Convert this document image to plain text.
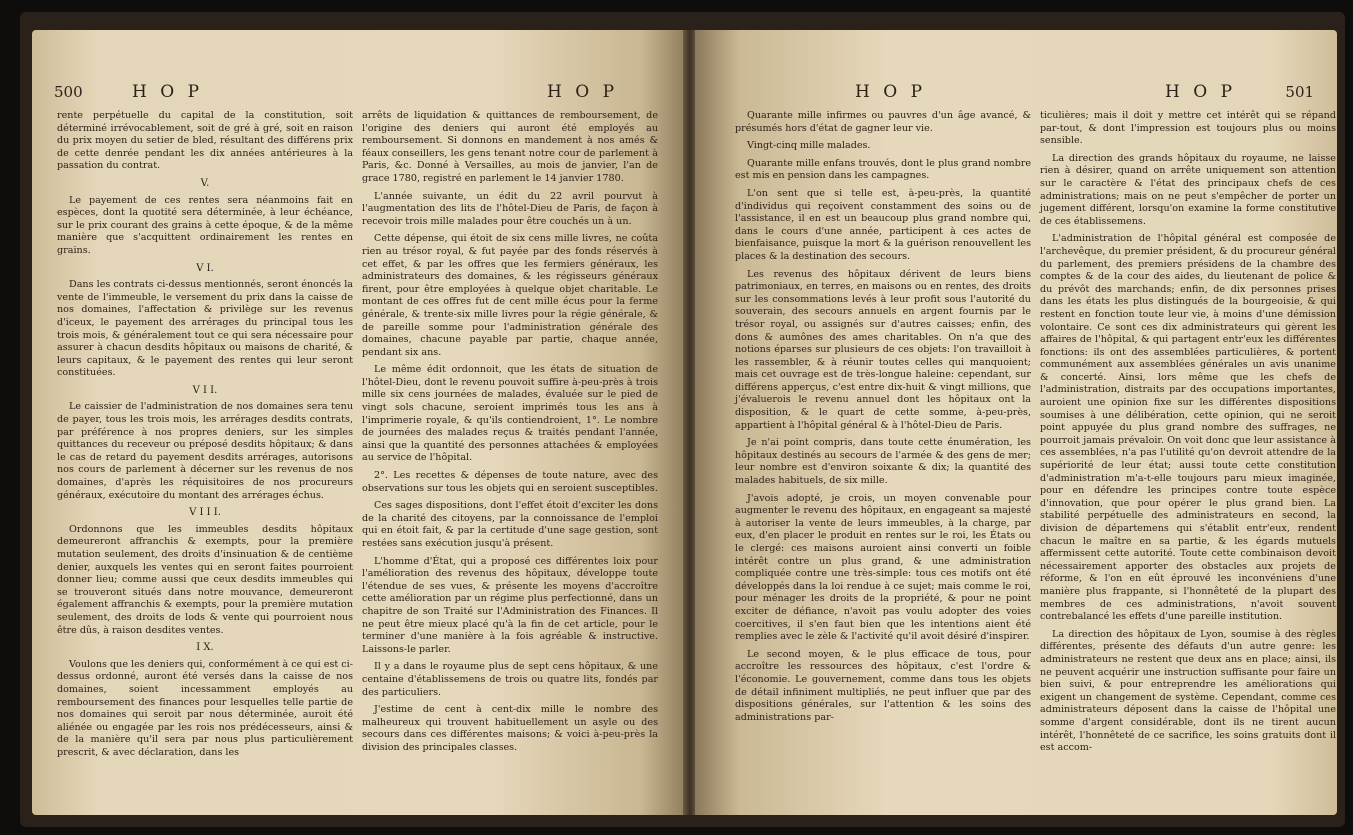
500	H O P	H O P

rente perpétuelle du capital de la constitution, soit déterminé irrévocablement, soit de gré à gré, soit en raison du prix moyen du setier de bled, résultant des différens prix de cette denrée pendant les dix années antérieures à la passation du contrat.

V.

Le payement de ces rentes sera néanmoins fait en espèces, dont la quotité sera déterminée, à leur échéance, sur le prix courant des grains à cette époque, & de la même manière que s'acquittent ordinairement les rentes en grains.

V I.

Dans les contrats ci-dessus mentionnés, seront énoncés la vente de l'immeuble, le versement du prix dans la caisse de nos domaines, l'affectation & privilège sur les revenus d'iceux, le payement des arrérages du principal tous les trois mois, & généralement tout ce qui sera nécessaire pour assurer à chacun desdits hôpitaux ou maisons de charité, & leurs capitaux, & le payement des rentes qui leur seront constituées.

V I I.

Le caissier de l'administration de nos domaines sera tenu de payer, tous les trois mois, les arrérages desdits contrats, par préférence à nos propres deniers, sur les simples quittances du receveur ou préposé desdits hôpitaux; & dans le cas de retard du payement desdits arrérages, autorisons nos cours de parlement à décerner sur les revenus de nos domaines, d'après les réquisitoires de nos procureurs généraux, exécutoire du montant des arrérages échus.

V I I I.

Ordonnons que les immeubles desdits hôpitaux demeureront affranchis & exempts, pour la première mutation seulement, des droits d'insinuation & de centième denier, auxquels les ventes qui en seront faites pourroient donner lieu; comme aussi que ceux desdits immeubles qui se trouveront situés dans notre mouvance, demeureront également affranchis & exempts, pour la première mutation seulement, des droits de lods & vente qui pourroient nous être dûs, à raison desdites ventes.

I X.

Voulons que les deniers qui, conformément à ce qui est ci-dessus ordonné, auront été versés dans la caisse de nos domaines, soient incessamment employés au remboursement des finances pour lesquelles telle partie de nos domaines qui seroit par nous déterminée, auroit été aliénée ou engagée par les rois nos prédécesseurs, ainsi & de la manière qu'il sera par nous plus particulièrement prescrit, & avec déclaration, dans les

arrêts de liquidation & quittances de remboursement, de l'origine des deniers qui auront été employés au remboursement. Si donnons en mandement à nos amés & féaux conseillers, les gens tenant notre cour de parlement à Paris, &c. Donné à Versailles, au mois de janvier, l'an de grace 1780, registré en parlement le 14 janvier 1780.

L'année suivante, un édit du 22 avril pourvut à l'augmentation des lits de l'hôtel-Dieu de Paris, de façon à recevoir trois mille malades pour être couchés un à un.

Cette dépense, qui étoit de six cens mille livres, ne coûta rien au trésor royal, & fut payée par des fonds réservés à cet effet, & par les offres que les fermiers généraux, les administrateurs des domaines, & les régisseurs généraux firent, pour être employées à quelque objet charitable. Le montant de ces offres fut de cent mille écus pour la ferme générale, & trente-six mille livres pour la régie générale, & de pareille somme pour l'administration générale des domaines, chacune payable par partie, chaque année, pendant six ans.

Le même édit ordonnoit, que les états de situation de l'hôtel-Dieu, dont le revenu pouvoit suffire à-peu-près à trois mille six cens journées de malades, évaluée sur le pied de vingt sols chacune, seroient imprimés tous les ans à l'imprimerie royale, & qu'ils contiendroient, 1°. Le nombre de journées des malades reçus & traités pendant l'année, ainsi que la quantité des personnes attachées & employées au service de l'hôpital.

2°. Les recettes & dépenses de toute nature, avec des observations sur tous les objets qui en seroient susceptibles.

Ces sages dispositions, dont l'effet étoit d'exciter les dons de la charité des citoyens, par la connoissance de l'emploi qui en étoit fait, & par la certitude d'une sage gestion, sont restées sans exécution jusqu'à présent.

L'homme d'État, qui a proposé ces différentes loix pour l'amélioration des revenus des hôpitaux, développe toute l'étendue de ses vues, & présente les moyens d'accroître cette amélioration par un régime plus perfectionné, dans un chapitre de son Traité sur l'Administration des Finances. Il ne peut être mieux placé qu'à la fin de cet article, pour le terminer d'une manière à la fois agréable & instructive. Laissons-le parler.

Il y a dans le royaume plus de sept cens hôpitaux, & une centaine d'établissemens de trois ou quatre lits, fondés par des particuliers.

J'estime de cent à cent-dix mille le nombre des malheureux qui trouvent habituellement un asyle ou des secours dans ces différentes maisons; & voici à-peu-près la division des principales classes.

H O P	H O P	501

Quarante mille infirmes ou pauvres d'un âge avancé, & présumés hors d'état de gagner leur vie.

Vingt-cinq mille malades.

Quarante mille enfans trouvés, dont le plus grand nombre est mis en pension dans les campagnes.

L'on sent que si telle est, à-peu-près, la quantité d'individus qui reçoivent constamment des soins ou de l'assistance, il en est un beaucoup plus grand nombre qui, dans le cours d'une année, participent à ces actes de bienfaisance, puisque la mort & la guérison renouvellent les places & la destination des secours.

Les revenus des hôpitaux dérivent de leurs biens patrimoniaux, en terres, en maisons ou en rentes, des droits sur les consommations levés à leur profit sous l'autorité du souverain, des secours annuels en argent fournis par le trésor royal, ou assignés sur d'autres caisses; enfin, des dons & aumônes des ames charitables. On n'a que des notions éparses sur plusieurs de ces objets: l'on travailloit à les rassembler, & à réunir toutes celles qui manquoient; mais cet ouvrage est de très-longue haleine: cependant, sur différens apperçus, c'est entre dix-huit & vingt millions, que j'évaluerois le revenu annuel dont les hôpitaux ont la disposition, & le quart de cette somme, à-peu-près, appartient à l'hôpital général & à l'hôtel-Dieu de Paris.

Je n'ai point compris, dans toute cette énumération, les hôpitaux destinés au secours de l'armée & des gens de mer; leur nombre est d'environ soixante & dix; la quantité des malades habituels, de six mille.

J'avois adopté, je crois, un moyen convenable pour augmenter le revenu des hôpitaux, en engageant sa majesté à autoriser la vente de leurs immeubles, à la charge, par eux, d'en placer le produit en rentes sur le roi, les États ou le clergé: ces maisons auroient ainsi converti un foible intérêt contre un plus grand, & une administration compliquée contre une très-simple: tous ces motifs ont été développés dans la loi rendue à ce sujet; mais comme le roi, pour ménager les droits de la propriété, & pour ne point exciter de défiance, n'avoit pas voulu adopter des voies coercitives, il s'en faut bien que les intentions aient été remplies avec le zèle & l'activité qu'il avoit désiré d'inspirer.

Le second moyen, & le plus efficace de tous, pour accroître les ressources des hôpitaux, c'est l'ordre & l'économie. Le gouvernement, comme dans tous les objets de détail infiniment multipliés, ne peut influer que par des dispositions générales, sur l'attention & les soins des administrations par-

ticulières; mais il doit y mettre cet intérêt qui se répand par-tout, & dont l'impression est toujours plus ou moins sensible.

La direction des grands hôpitaux du royaume, ne laisse rien à désirer, quand on arrête uniquement son attention sur le caractère & l'état des principaux chefs de ces administrations; mais on ne peut s'empêcher de porter un jugement différent, lorsqu'on examine la forme constitutive de ces établissemens.

L'administration de l'hôpital général est composée de l'archevêque, du premier président, & du procureur général du parlement, des premiers présidens de la chambre des comptes & de la cour des aides, du lieutenant de police & du prévôt des marchands; enfin, de dix personnes prises dans les états les plus distingués de la bourgeoisie, & qui restent en fonction toute leur vie, à moins d'une démission volontaire. Ce sont ces dix administrateurs qui gèrent les affaires de l'hôpital, & qui partagent entr'eux les différentes fonctions: ils ont des assemblées particulières, & portent communément aux assemblées générales un avis unanime & concerté. Ainsi, lors même que les chefs de l'administration, distraits par des occupations importantes, auroient une opinion fixe sur les différentes dispositions soumises à une délibération, cette opinion, qui ne seroit point appuyée du plus grand nombre des suffrages, ne pourroit jamais prévaloir. On voit donc que leur assistance à ces assemblées, n'a pas l'utilité qu'on devroit attendre de la supériorité de leur état; aussi toute cette constitution d'administration m'a-t-elle toujours paru mieux imaginée, pour en défendre les principes contre toute espèce d'innovation, que pour opérer le plus grand bien. La stabilité perpétuelle des administrateurs en second, la division de départemens qui s'établit entr'eux, rendent chacun le maître en sa partie, & les égards mutuels affermissent cette autorité. Toute cette combinaison devoit nécessairement apporter des obstacles aux projets de réforme, & l'on en eût éprouvé les inconvéniens d'une manière plus frappante, si l'honnêteté de la plupart des membres de ces administrations, n'avoit souvent contrebalancé les effets d'une pareille institution.

La direction des hôpitaux de Lyon, soumise à des règles différentes, présente des défauts d'un autre genre: les administrateurs ne restent que deux ans en place; ainsi, ils ne peuvent acquérir une instruction suffisante pour faire un bien suivi, & pour entreprendre les améliorations qui exigent un changement de système. Cependant, comme ces administrateurs déposent dans la caisse de l'hôpital une somme d'argent considérable, dont ils ne tirent aucun intérêt, l'honnêteté de ce sacrifice, les soins gratuits dont il est accom-
